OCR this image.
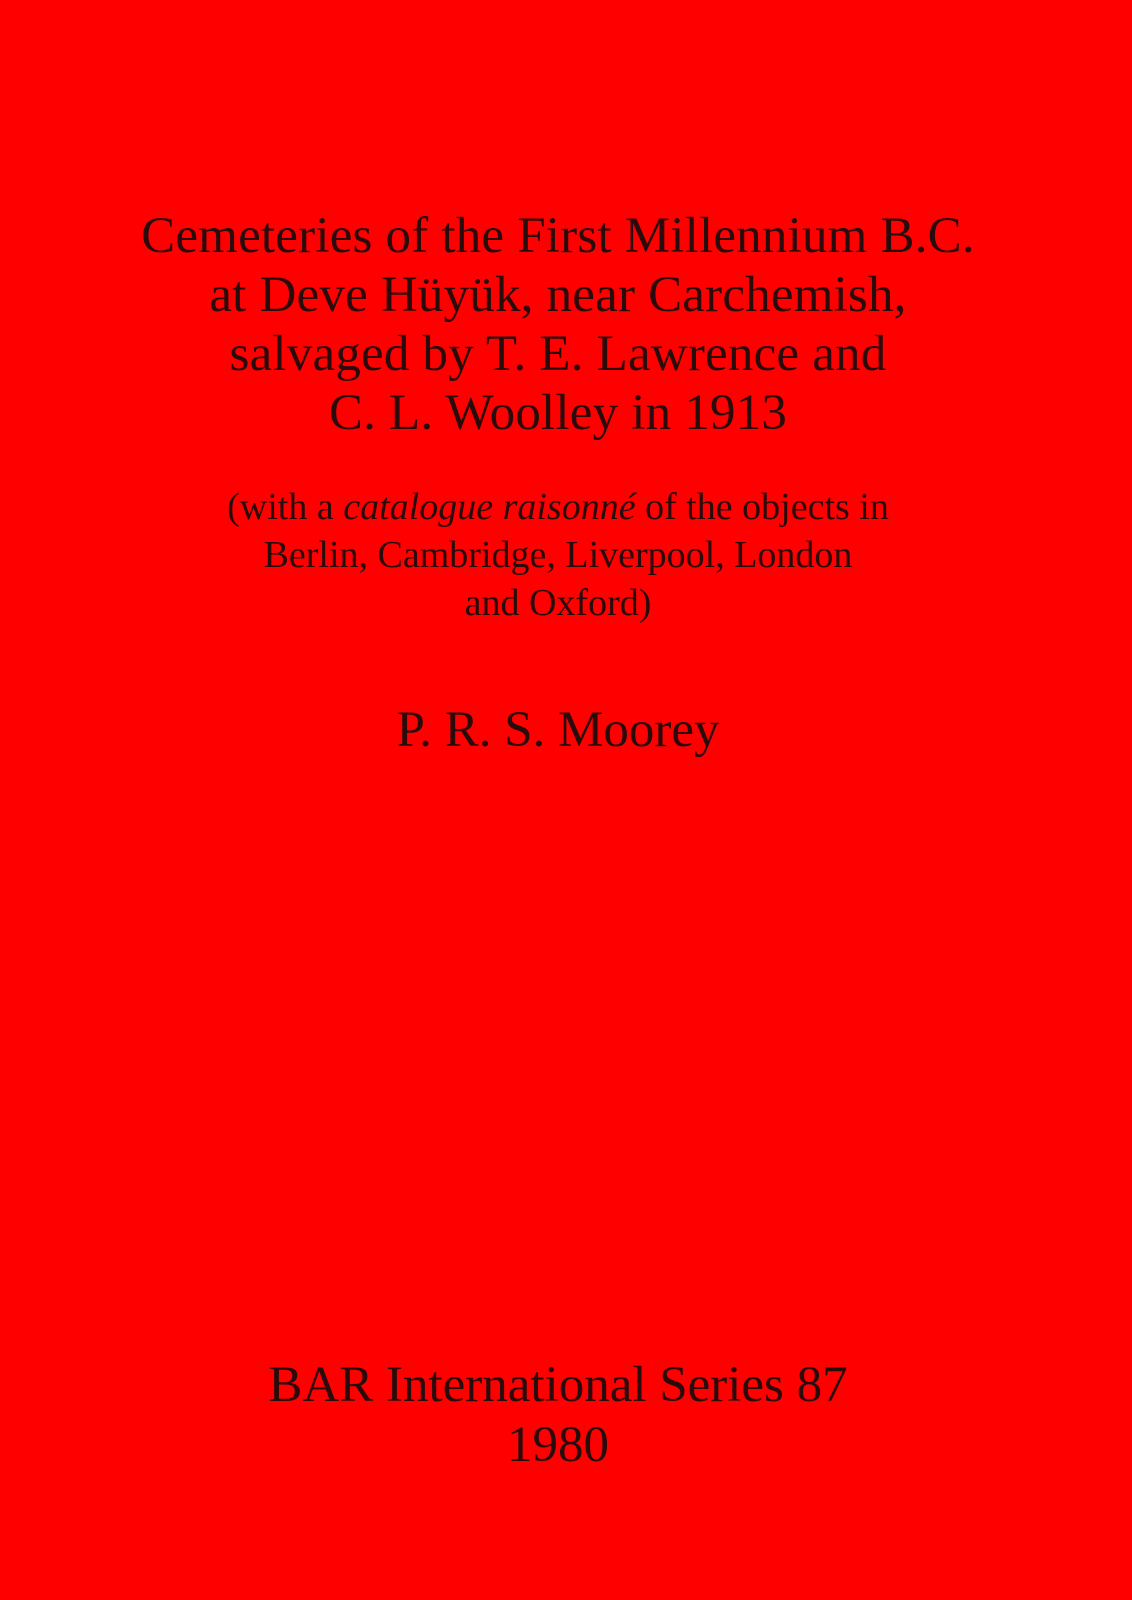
Cemeteries of the First Millennium B.C.
at Deve Hüyük, near Carchemish,
salvaged by T. E. Lawrence and
C. L. Woolley in 1913
(with a catalogue raisonné of the objects in
Berlin, Cambridge, Liverpool, London
and Oxford)
P. R. S. Moorey
BAR International Series 87
1980
